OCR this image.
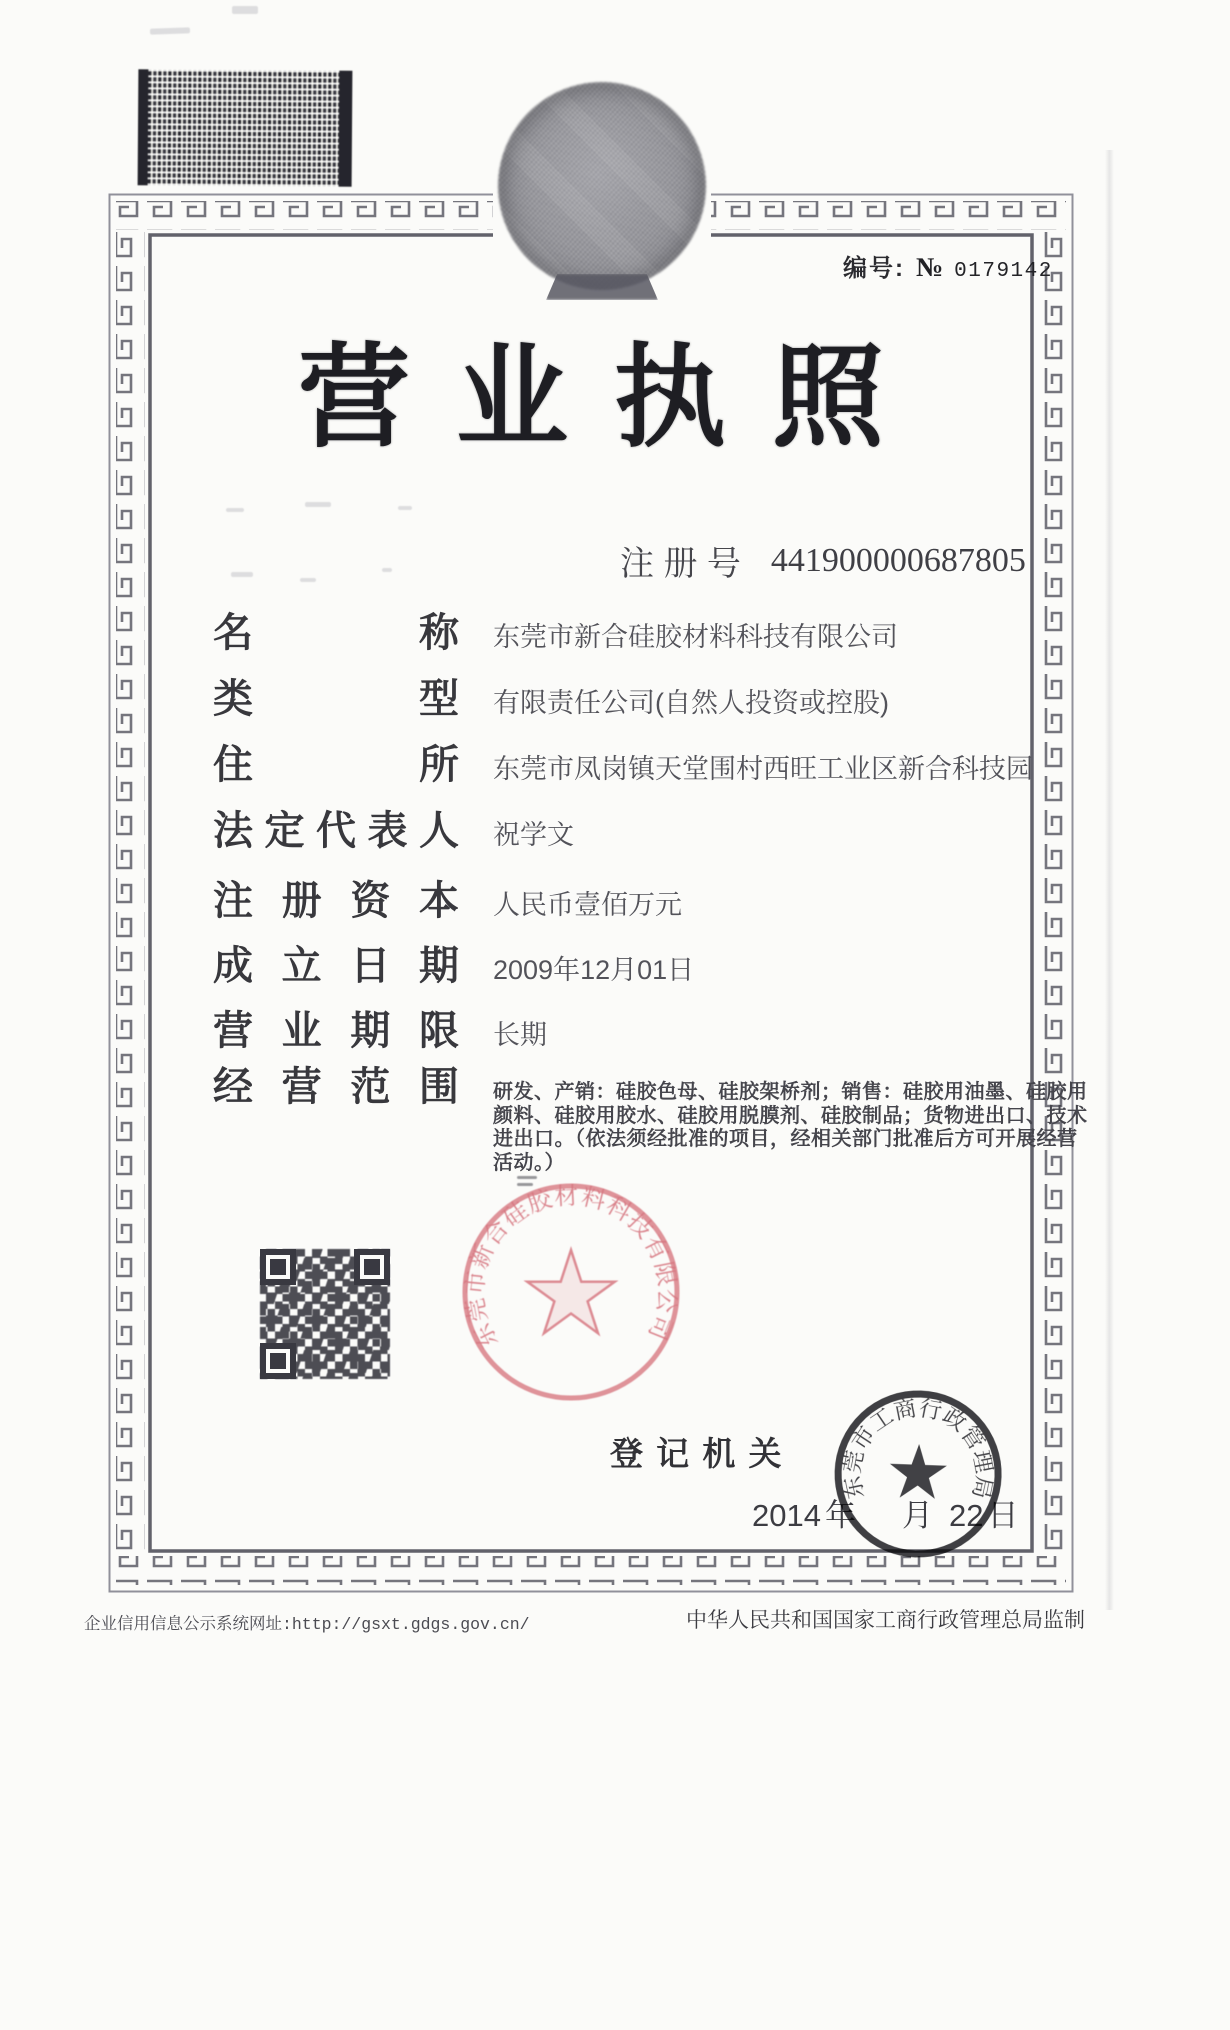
编号: № 0179142
营业执照
注 册 号 441900000687805
名称 东莞市新合硅胶材料科技有限公司
类型 有限责任公司(自然人投资或控股)
住所 东莞市凤岗镇天堂围村西旺工业区新合科技园
法定代表人 祝学文
注册资本 人民币壹佰万元
成立日期 2009年12月01日
营业期限 长期
经营范围 研发、产销：硅胶色母、硅胶架桥剂；销售：硅胶用油墨、硅胶用颜料、硅胶用胶水、硅胶用脱膜剂、硅胶制品；货物进出口、技术进出口。（依法须经批准的项目，经相关部门批准后方可开展经营活动。）
东莞市新合硅胶材料科技有限公司
登 记 机 关
2014 年 月 22 日
东莞市工商行政管理局
企业信用信息公示系统网址:http://gsxt.gdgs.gov.cn/	中华人民共和国国家工商行政管理总局监制
